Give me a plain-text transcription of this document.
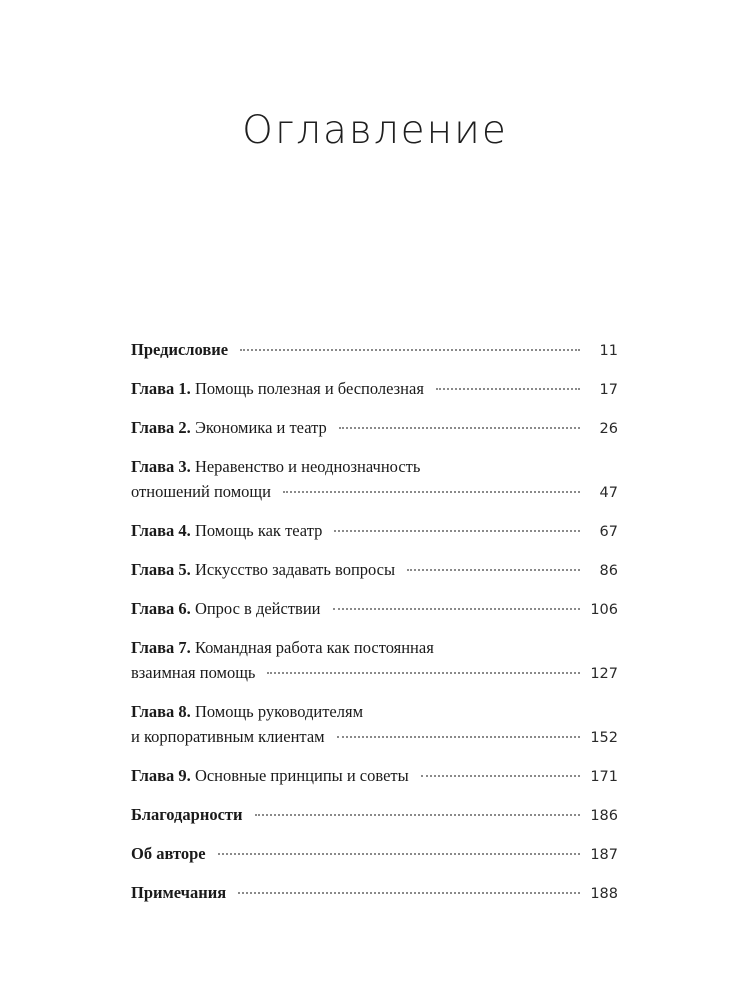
Оглавление
Предисловие	11
Глава 1. Помощь полезная и бесполезная	17
Глава 2. Экономика и театр	26
Глава 3. Неравенство и неоднозначность
отношений помощи	47
Глава 4. Помощь как театр	67
Глава 5. Искусство задавать вопросы	86
Глава 6. Опрос в действии	106
Глава 7. Командная работа как постоянная
взаимная помощь	127
Глава 8. Помощь руководителям
и корпоративным клиентам	152
Глава 9. Основные принципы и советы	171
Благодарности	186
Об авторе	187
Примечания	188
